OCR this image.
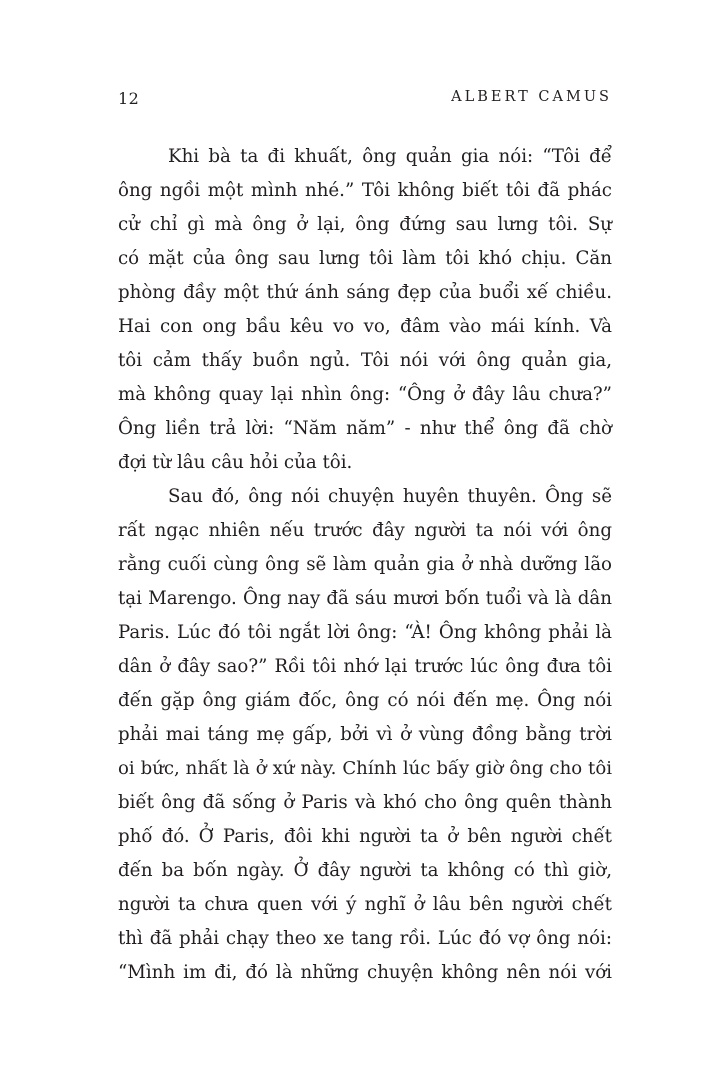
12	ALBERT CAMUS
Khi bà ta đi khuất, ông quản gia nói: “Tôi để
ông ngồi một mình nhé.” Tôi không biết tôi đã phác
cử chỉ gì mà ông ở lại, ông đứng sau lưng tôi. Sự
có mặt của ông sau lưng tôi làm tôi khó chịu. Căn
phòng đầy một thứ ánh sáng đẹp của buổi xế chiều.
Hai con ong bầu kêu vo vo, đâm vào mái kính. Và
tôi cảm thấy buồn ngủ. Tôi nói với ông quản gia,
mà không quay lại nhìn ông: “Ông ở đây lâu chưa?”
Ông liền trả lời: “Năm năm” - như thể ông đã chờ
đợi từ lâu câu hỏi của tôi.
Sau đó, ông nói chuyện huyên thuyên. Ông sẽ
rất ngạc nhiên nếu trước đây người ta nói với ông
rằng cuối cùng ông sẽ làm quản gia ở nhà dưỡng lão
tại Marengo. Ông nay đã sáu mươi bốn tuổi và là dân
Paris. Lúc đó tôi ngắt lời ông: “À! Ông không phải là
dân ở đây sao?” Rồi tôi nhớ lại trước lúc ông đưa tôi
đến gặp ông giám đốc, ông có nói đến mẹ. Ông nói
phải mai táng mẹ gấp, bởi vì ở vùng đồng bằng trời
oi bức, nhất là ở xứ này. Chính lúc bấy giờ ông cho tôi
biết ông đã sống ở Paris và khó cho ông quên thành
phố đó. Ở Paris, đôi khi người ta ở bên người chết
đến ba bốn ngày. Ở đây người ta không có thì giờ,
người ta chưa quen với ý nghĩ ở lâu bên người chết
thì đã phải chạy theo xe tang rồi. Lúc đó vợ ông nói:
“Mình im đi, đó là những chuyện không nên nói với
